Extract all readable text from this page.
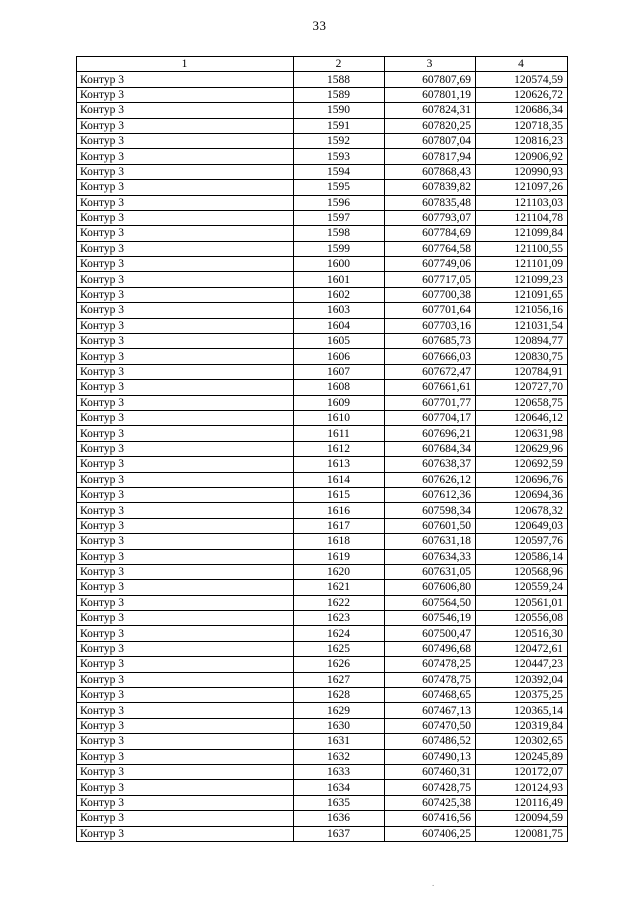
33
1	2	3	4
Контур 3	1588	607807,69	120574,59
Контур 3	1589	607801,19	120626,72
Контур 3	1590	607824,31	120686,34
Контур 3	1591	607820,25	120718,35
Контур 3	1592	607807,04	120816,23
Контур 3	1593	607817,94	120906,92
Контур 3	1594	607868,43	120990,93
Контур 3	1595	607839,82	121097,26
Контур 3	1596	607835,48	121103,03
Контур 3	1597	607793,07	121104,78
Контур 3	1598	607784,69	121099,84
Контур 3	1599	607764,58	121100,55
Контур 3	1600	607749,06	121101,09
Контур 3	1601	607717,05	121099,23
Контур 3	1602	607700,38	121091,65
Контур 3	1603	607701,64	121056,16
Контур 3	1604	607703,16	121031,54
Контур 3	1605	607685,73	120894,77
Контур 3	1606	607666,03	120830,75
Контур 3	1607	607672,47	120784,91
Контур 3	1608	607661,61	120727,70
Контур 3	1609	607701,77	120658,75
Контур 3	1610	607704,17	120646,12
Контур 3	1611	607696,21	120631,98
Контур 3	1612	607684,34	120629,96
Контур 3	1613	607638,37	120692,59
Контур 3	1614	607626,12	120696,76
Контур 3	1615	607612,36	120694,36
Контур 3	1616	607598,34	120678,32
Контур 3	1617	607601,50	120649,03
Контур 3	1618	607631,18	120597,76
Контур 3	1619	607634,33	120586,14
Контур 3	1620	607631,05	120568,96
Контур 3	1621	607606,80	120559,24
Контур 3	1622	607564,50	120561,01
Контур 3	1623	607546,19	120556,08
Контур 3	1624	607500,47	120516,30
Контур 3	1625	607496,68	120472,61
Контур 3	1626	607478,25	120447,23
Контур 3	1627	607478,75	120392,04
Контур 3	1628	607468,65	120375,25
Контур 3	1629	607467,13	120365,14
Контур 3	1630	607470,50	120319,84
Контур 3	1631	607486,52	120302,65
Контур 3	1632	607490,13	120245,89
Контур 3	1633	607460,31	120172,07
Контур 3	1634	607428,75	120124,93
Контур 3	1635	607425,38	120116,49
Контур 3	1636	607416,56	120094,59
Контур 3	1637	607406,25	120081,75
.
